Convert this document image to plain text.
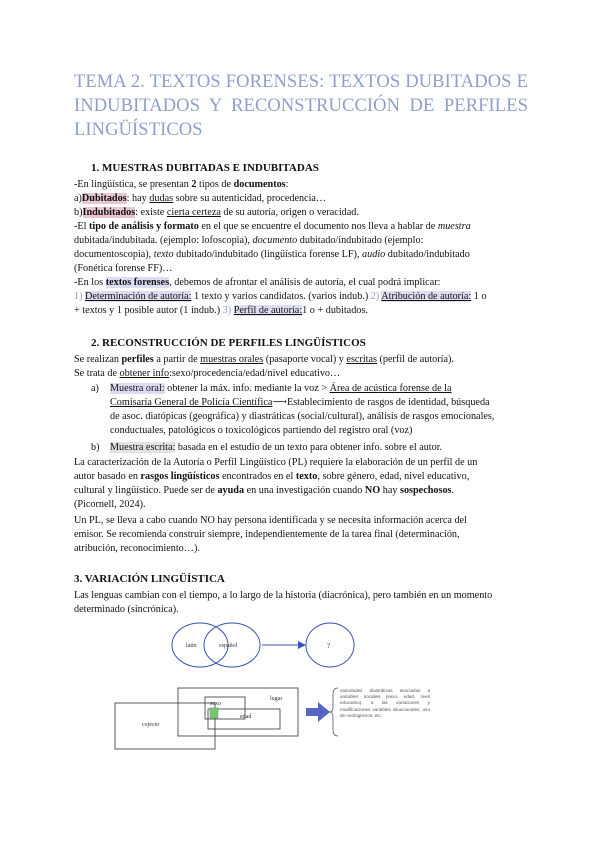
TEMA 2. TEXTOS FORENSES: TEXTOS DUBITADOS E INDUBITADOS Y RECONSTRUCCIÓN DE PERFILES LINGÜÍSTICOS
1. MUESTRAS DUBITADAS E INDUBITADAS
-En lingüística, se presentan 2 tipos de documentos:
a)Dubitados: hay dudas sobre su autenticidad, procedencia…
b)Indubitados: existe cierta certeza de su autoría, origen o veracidad.
-El tipo de análisis y formato en el que se encuentre el documento nos lleva a hablar de muestra
dubitada/indubitada. (ejemplo: lofoscopia), documento dubitado/indubitado (ejemplo:
documentoscopia), texto dubitado/indubitado (lingüística forense LF), audio dubitado/indubitado
(Fonética forense FF)…
-En los textos forenses, debemos de afrontar el análisis de autoría, el cual podrá implicar:
1) Determinación de autoría: 1 texto y varios candidatos. (varios indub.) 2) Atribución de autoría: 1 o
+ textos y 1 posible autor (1 indub.) 3) Perfil de autoría:1 o + dubitados.
2. RECONSTRUCCIÓN DE PERFILES LINGÜÍSTICOS
Se realizan perfiles a partir de muestras orales (pasaporte vocal) y escritas (perfil de autoría).
Se trata de obtener info:sexo/procedencia/edad/nivel educativo…
a) Muestra oral: obtener la máx. info. mediante la voz > Área de acústica forense de la
Comisaría General de Policía Científica⟶Establecimiento de rasgos de identidad, búsqueda
de asoc. diatópicas (geográfica) y diastráticas (social/cultural), análisis de rasgos emocionales,
conductuales, patológicos o toxicológicos partiendo del registro oral (voz)
b) Muestra escrita: basada en el estudio de un texto para obtener info. sobre el autor.
La caracterización de la Autoría o Perfil Lingüístico (PL) requiere la elaboración de un perfil de un
autor basado en rasgos lingüísticos encontrados en el texto, sobre género, edad, nivel educativo,
cultural y lingüístico. Puede ser de ayuda en una investigación cuando NO hay sospechosos.
(Picornell, 2024).
Un PL, se lleva a cabo cuando NO hay persona identificada y se necesita información acerca del
emisor. Se recomienda construir siempre, independientemente de la tarea final (determinación,
atribución, reconocimiento…).
3. VARIACIÓN LINGÜÍSTICA
Las lenguas cambian con el tiempo, a lo largo de la historia (diacrónica), pero también en un momento
determinado (sincrónica).
latin	español	?
sexo
edad
lugar
cojecer
variedades diastráticas asociadas a variables sociales (sexo, edad, nivel educativo), a las variaciones y modificaciones variables situacionales, uso de neologismos, etc.
